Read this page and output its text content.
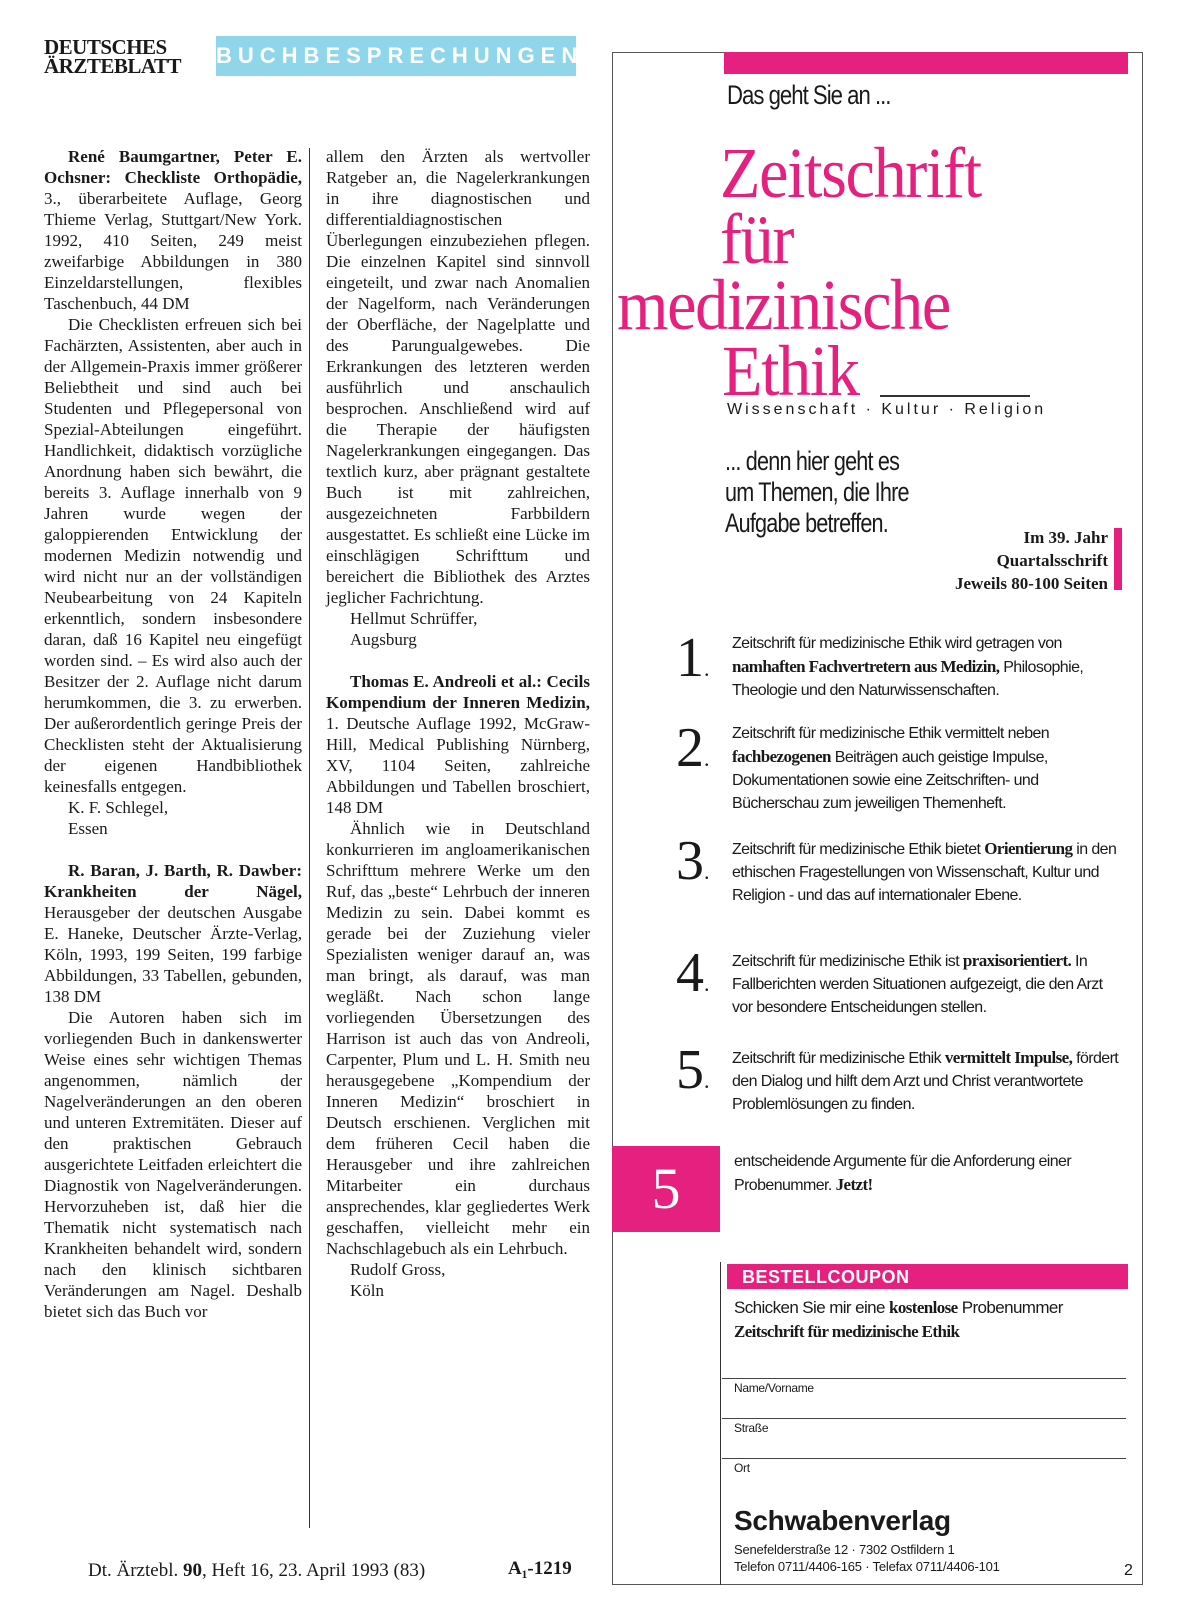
DEUTSCHES
ÄRZTEBLATT BUCHBESPRECHUNGEN

René Baumgartner, Peter E. Ochsner: Checkliste Orthopädie, 3., überarbeitete Auflage, Georg Thieme Verlag, Stuttgart/New York. 1992, 410 Seiten, 249 meist zweifarbige Abbildungen in 380 Einzeldarstellungen, flexibles Taschenbuch, 44 DM

Die Checklisten erfreuen sich bei Fachärzten, Assistenten, aber auch in der Allgemein-Praxis immer größerer Beliebtheit und sind auch bei Studenten und Pflegepersonal von Spezial-Abteilungen eingeführt. Handlichkeit, didaktisch vorzügliche Anordnung haben sich bewährt, die bereits 3. Auflage innerhalb von 9 Jahren wurde wegen der galoppierenden Entwicklung der modernen Medizin notwendig und wird nicht nur an der vollständigen Neubearbeitung von 24 Kapiteln erkenntlich, sondern insbesondere daran, daß 16 Kapitel neu eingefügt worden sind. – Es wird also auch der Besitzer der 2. Auflage nicht darum herumkommen, die 3. zu erwerben. Der außerordentlich geringe Preis der Checklisten steht der Aktualisierung der eigenen Handbibliothek keinesfalls entgegen.

K. F. Schlegel,

Essen

R. Baran, J. Barth, R. Dawber: Krankheiten der Nägel, Herausgeber der deutschen Ausgabe E. Haneke, Deutscher Ärzte-Verlag, Köln, 1993, 199 Seiten, 199 farbige Abbildungen, 33 Tabellen, gebunden, 138 DM

Die Autoren haben sich im vorliegenden Buch in dankenswerter Weise eines sehr wichtigen Themas angenommen, nämlich der Nagelveränderungen an den oberen und unteren Extremitäten. Dieser auf den praktischen Gebrauch ausgerichtete Leitfaden erleichtert die Diagnostik von Nagelveränderungen. Hervorzuheben ist, daß hier die Thematik nicht systematisch nach Krankheiten behandelt wird, sondern nach den klinisch sichtbaren Veränderungen am Nagel. Deshalb bietet sich das Buch vor

allem den Ärzten als wertvoller Ratgeber an, die Nagelerkrankungen in ihre diagnostischen und differentialdiagnostischen Überlegungen einzubeziehen pflegen. Die einzelnen Kapitel sind sinnvoll eingeteilt, und zwar nach Anomalien der Nagelform, nach Veränderungen der Oberfläche, der Nagelplatte und des Parungualgewebes. Die Erkrankungen des letzteren werden ausführlich und anschaulich besprochen. Anschließend wird auf die Therapie der häufigsten Nagelerkrankungen eingegangen. Das textlich kurz, aber prägnant gestaltete Buch ist mit zahlreichen, ausgezeichneten Farbbildern ausgestattet. Es schließt eine Lücke im einschlägigen Schrifttum und bereichert die Bibliothek des Arztes jeglicher Fachrichtung.

Hellmut Schrüffer,

Augsburg

Thomas E. Andreoli et al.: Cecils Kompendium der Inneren Medizin, 1. Deutsche Auflage 1992, McGraw-Hill, Medical Publishing Nürnberg, XV, 1104 Seiten, zahlreiche Abbildungen und Tabellen broschiert, 148 DM

Ähnlich wie in Deutschland konkurrieren im angloamerikanischen Schrifttum mehrere Werke um den Ruf, das „beste“ Lehrbuch der inneren Medizin zu sein. Dabei kommt es gerade bei der Zuziehung vieler Spezialisten weniger darauf an, was man bringt, als darauf, was man wegläßt. Nach schon lange vorliegenden Übersetzungen des Harrison ist auch das von Andreoli, Carpenter, Plum und L. H. Smith neu herausgegebene „Kompendium der Inneren Medizin“ broschiert in Deutsch erschienen. Verglichen mit dem früheren Cecil haben die Herausgeber und ihre zahlreichen Mitarbeiter ein durchaus ansprechendes, klar gegliedertes Werk geschaffen, vielleicht mehr ein Nachschlagebuch als ein Lehrbuch.

Rudolf Gross,

Köln

Dt. Ärztebl. 90, Heft 16, 23. April 1993 (83)	A₁-1219
Das geht Sie an ...
Zeitschrift
für
medizinische
Ethik
Wissenschaft · Kultur · Religion
... denn hier geht es
um Themen, die Ihre
Aufgabe betreffen.	Im 39. Jahr
Quartalsschrift
Jeweils 80-100 Seiten
1.
Zeitschrift für medizinische Ethik wird getragen von namhaften Fachvertretern aus Medizin, Philosophie, Theologie und den Naturwissenschaften.
2.
Zeitschrift für medizinische Ethik vermittelt neben fachbezogenen Beiträgen auch geistige Impulse, Dokumentationen sowie eine Zeitschriften- und Bücherschau zum jeweiligen Themenheft.
3.
Zeitschrift für medizinische Ethik bietet Orientierung in den ethischen Fragestellungen von Wissenschaft, Kultur und Religion - und das auf internationaler Ebene.
4.
Zeitschrift für medizinische Ethik ist praxisorientiert. In Fallberichten werden Situationen aufgezeigt, die den Arzt vor besondere Entscheidungen stellen.
5.
Zeitschrift für medizinische Ethik vermittelt Impulse, fördert den Dialog und hilft dem Arzt und Christ verantwortete Problemlösungen zu finden.
5	entscheidende Argumente für die Anforderung einer Probenummer. Jetzt!
BESTELLCOUPON
Schicken Sie mir eine kostenlose Probenummer
Zeitschrift für medizinische Ethik
Name/Vorname
Straße
Ort
Schwabenverlag
Senefelderstraße 12 · 7302 Ostfildern 1
Telefon 0711/4406-165 · Telefax 0711/4406-101	2
